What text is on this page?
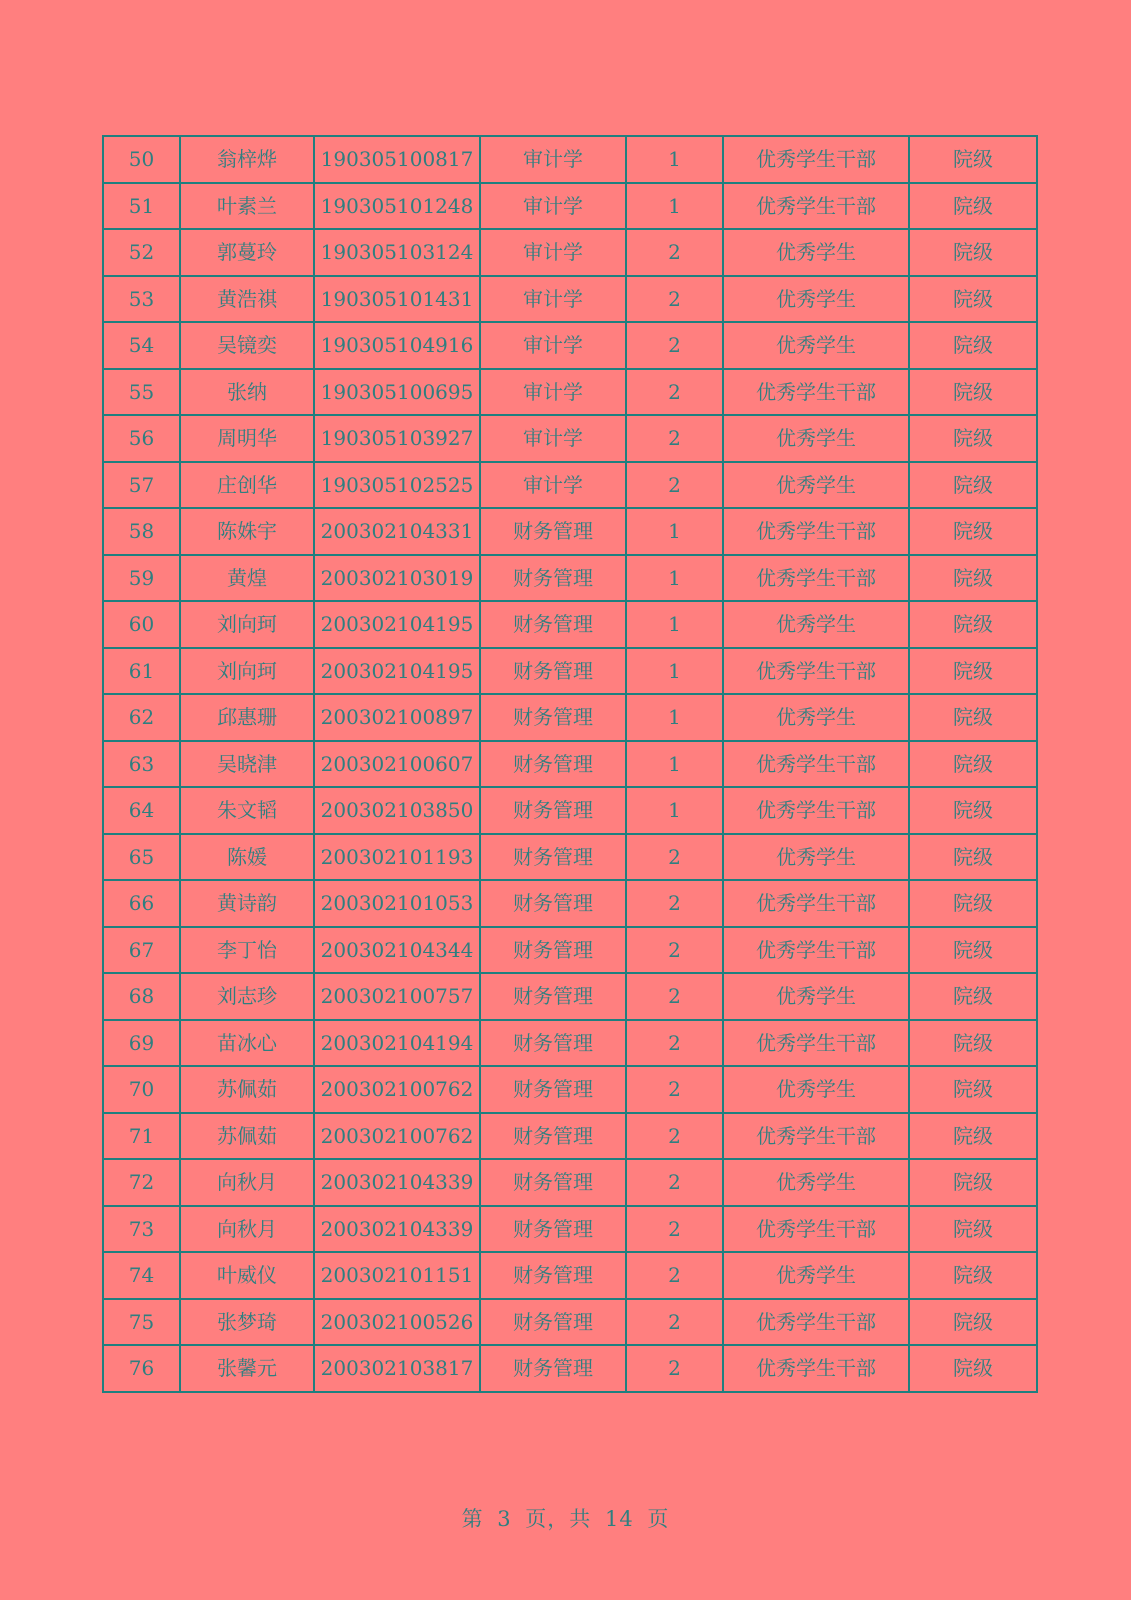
50	翁梓烨	190305100817	审计学	1	优秀学生干部	院级
51	叶素兰	190305101248	审计学	1	优秀学生干部	院级
52	郭蔓玲	190305103124	审计学	2	优秀学生	院级
53	黄浩祺	190305101431	审计学	2	优秀学生	院级
54	吴镜奕	190305104916	审计学	2	优秀学生	院级
55	张纳	190305100695	审计学	2	优秀学生干部	院级
56	周明华	190305103927	审计学	2	优秀学生	院级
57	庄创华	190305102525	审计学	2	优秀学生	院级
58	陈姝宇	200302104331	财务管理	1	优秀学生干部	院级
59	黄煌	200302103019	财务管理	1	优秀学生干部	院级
60	刘向珂	200302104195	财务管理	1	优秀学生	院级
61	刘向珂	200302104195	财务管理	1	优秀学生干部	院级
62	邱惠珊	200302100897	财务管理	1	优秀学生	院级
63	吴晓津	200302100607	财务管理	1	优秀学生干部	院级
64	朱文韬	200302103850	财务管理	1	优秀学生干部	院级
65	陈媛	200302101193	财务管理	2	优秀学生	院级
66	黄诗韵	200302101053	财务管理	2	优秀学生干部	院级
67	李丁怡	200302104344	财务管理	2	优秀学生干部	院级
68	刘志珍	200302100757	财务管理	2	优秀学生	院级
69	苗冰心	200302104194	财务管理	2	优秀学生干部	院级
70	苏佩茹	200302100762	财务管理	2	优秀学生	院级
71	苏佩茹	200302100762	财务管理	2	优秀学生干部	院级
72	向秋月	200302104339	财务管理	2	优秀学生	院级
73	向秋月	200302104339	财务管理	2	优秀学生干部	院级
74	叶威仪	200302101151	财务管理	2	优秀学生	院级
75	张梦琦	200302100526	财务管理	2	优秀学生干部	院级
76	张馨元	200302103817	财务管理	2	优秀学生干部	院级
第 3 页，共 14 页
